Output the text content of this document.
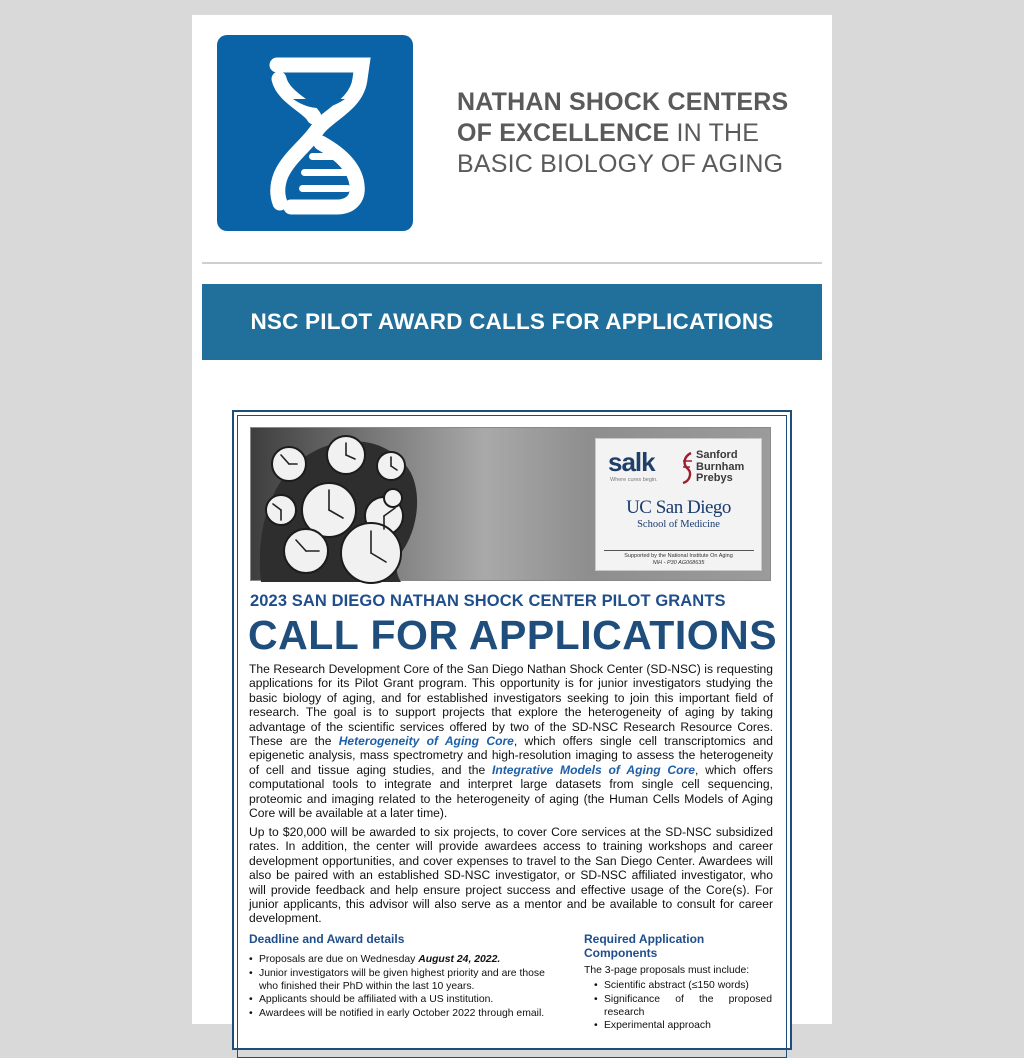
NATHAN SHOCK CENTERS
OF EXCELLENCE IN THE
BASIC BIOLOGY OF AGING
NSC PILOT AWARD CALLS FOR APPLICATIONS
salk
Where cures begin.
Sanford
Burnham
Prebys
UC San Diego
School of Medicine
Supported by the National Institute On Aging
NIH - P30 AG068635
2023 SAN DIEGO NATHAN SHOCK CENTER PILOT GRANTS
CALL FOR APPLICATIONS
The Research Development Core of the San Diego Nathan Shock Center (SD-NSC) is requesting applications for its Pilot Grant program. This opportunity is for junior investigators studying the basic biology of aging, and for established investigators seeking to join this important field of research. The goal is to support projects that explore the heterogeneity of aging by taking advantage of the scientific services offered by two of the SD-NSC Research Resource Cores. These are the Heterogeneity of Aging Core, which offers single cell transcriptomics and epigenetic analysis, mass spectrometry and high-resolution imaging to assess the heterogeneity of cell and tissue aging studies, and the Integrative Models of Aging Core, which offers computational tools to integrate and interpret large datasets from single cell sequencing, proteomic and imaging related to the heterogeneity of aging (the Human Cells Models of Aging Core will be available at a later time).
Up to $20,000 will be awarded to six projects, to cover Core services at the SD-NSC subsidized rates. In addition, the center will provide awardees access to training workshops and career development opportunities, and cover expenses to travel to the San Diego Center. Awardees will also be paired with an established SD-NSC investigator, or SD-NSC affiliated investigator, who will provide feedback and help ensure project success and effective usage of the Core(s). For junior applicants, this advisor will also serve as a mentor and be available to consult for career development.
Deadline and Award details
• Proposals are due on Wednesday August 24, 2022.
• Junior investigators will be given highest priority and are those who finished their PhD within the last 10 years.
• Applicants should be affiliated with a US institution.
• Awardees will be notified in early October 2022 through email.
Required Application Components
The 3-page proposals must include:
• Scientific abstract (≤150 words)
• Significance of the proposed research
• Experimental approach
